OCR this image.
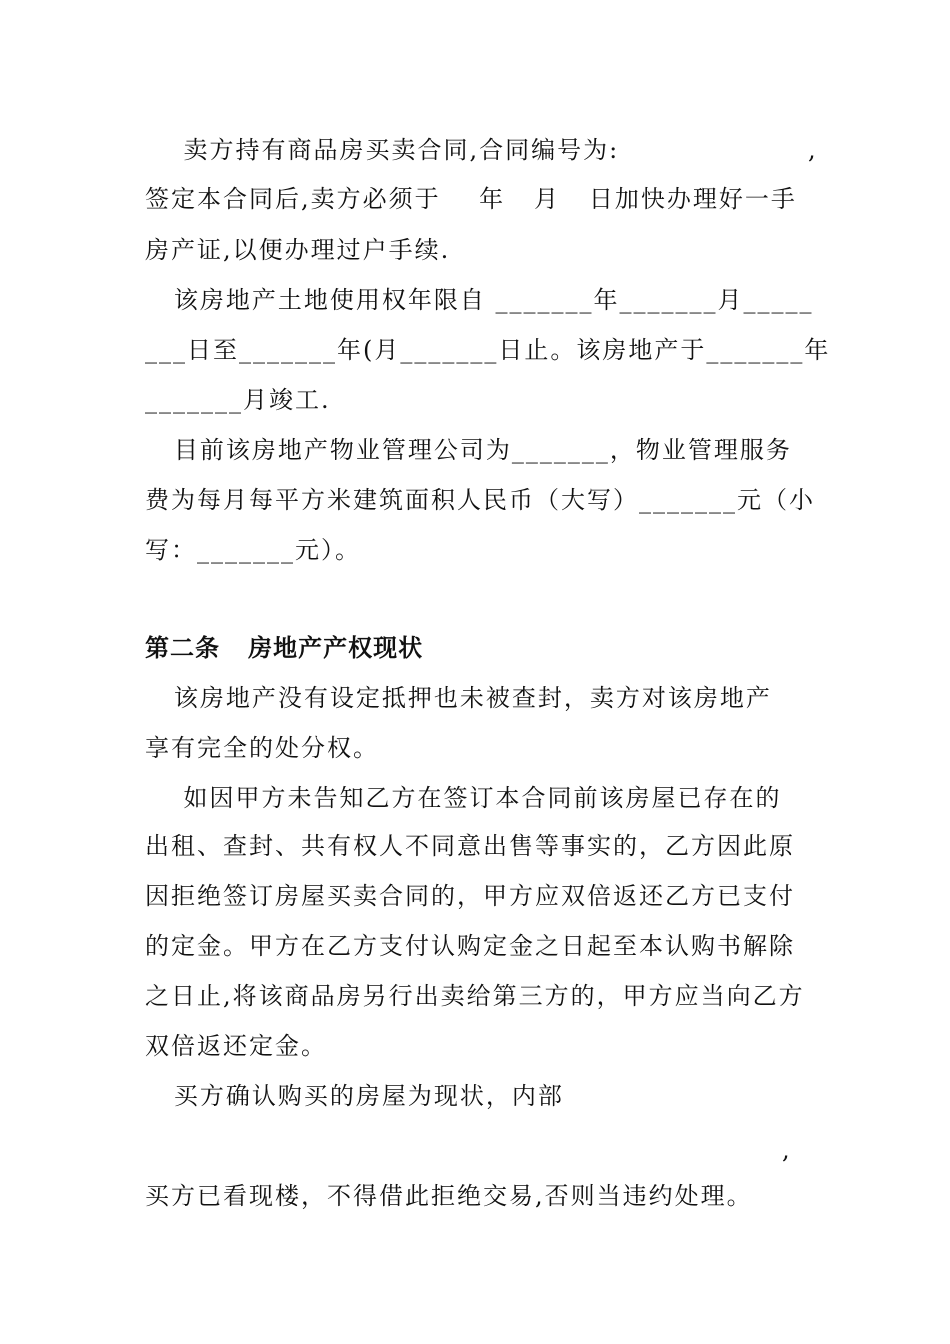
卖方持有商品房买卖合同,合同编号为:	,
签定本合同后,卖方必须于    年   月   日加快办理好一手
房产证,以便办理过户手续.
该房地产土地使用权年限自 _______年_______月_____
___日至_______年(月_______日止。该房地产于_______年
_______月竣工.
目前该房地产物业管理公司为_______，物业管理服务
费为每月每平方米建筑面积人民币（大写）_______元（小
写：_______元）。
第二条   房地产产权现状
该房地产没有设定抵押也未被查封，卖方对该房地产
享有完全的处分权。
如因甲方未告知乙方在签订本合同前该房屋已存在的
出租、查封、共有权人不同意出售等事实的，乙方因此原
因拒绝签订房屋买卖合同的，甲方应双倍返还乙方已支付
的定金。甲方在乙方支付认购定金之日起至本认购书解除
之日止,将该商品房另行出卖给第三方的，甲方应当向乙方
双倍返还定金。
买方确认购买的房屋为现状，内部
,
买方已看现楼，不得借此拒绝交易,否则当违约处理。
